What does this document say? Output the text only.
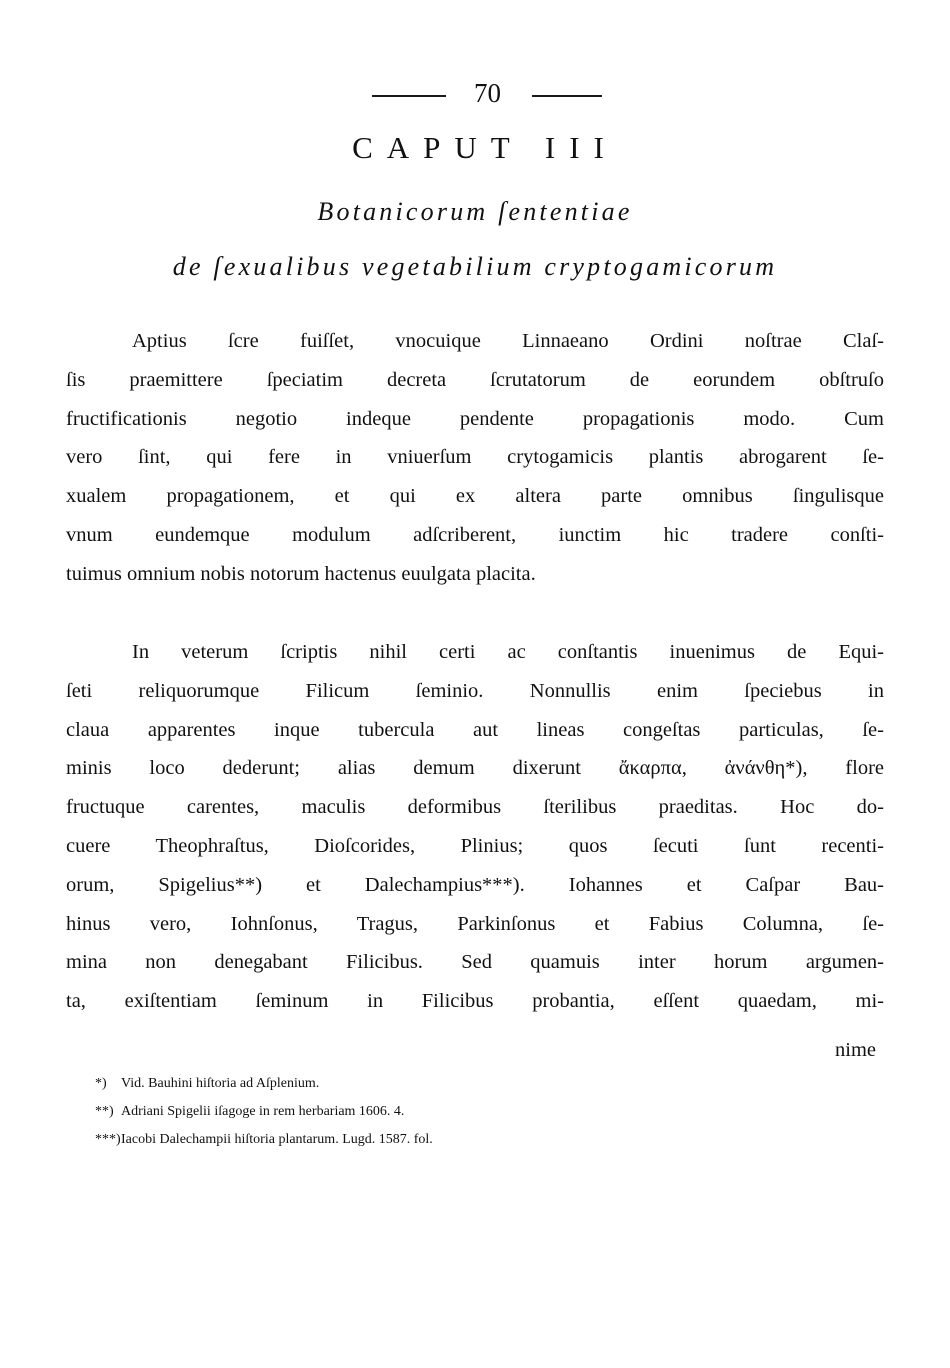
70
CAPUT III
Botanicorum ſententiae
de ſexualibus vegetabilium cryptogamicorum
Aptius ſcre fuiſſet, vnocuique Linnaeano Ordini noſtrae Claſ-
ſis praemittere ſpeciatim decreta ſcrutatorum de eorundem obſtruſo
fructificationis negotio indeque pendente propagationis modo. Cum
vero ſint, qui fere in vniuerſum crytogamicis plantis abrogarent ſe-
xualem propagationem, et qui ex altera parte omnibus ſingulisque
vnum eundemque modulum adſcriberent, iunctim hic tradere conſti-
tuimus omnium nobis notorum hactenus euulgata placita.
In veterum ſcriptis nihil certi ac conſtantis inuenimus de Equi-
ſeti reliquorumque Filicum ſeminio. Nonnullis enim ſpeciebus in
claua apparentes inque tubercula aut lineas congeſtas particulas, ſe-
minis loco dederunt; alias demum dixerunt ἄκαρπα, ἀνάνθη*), flore
fructuque carentes, maculis deformibus ſterilibus praeditas. Hoc do-
cuere Theophraſtus, Dioſcorides, Plinius; quos ſecuti ſunt recenti-
orum, Spigelius**) et Dalechampius***). Iohannes et Caſpar Bau-
hinus vero, Iohnſonus, Tragus, Parkinſonus et Fabius Columna, ſe-
mina non denegabant Filicibus. Sed quamuis inter horum argumen-
ta, exiſtentiam ſeminum in Filicibus probantia, eſſent quaedam, mi-
nime
*) Vid. Bauhini hiſtoria ad Aſplenium.
**) Adriani Spigelii iſagoge in rem herbariam 1606. 4.
***)Iacobi Dalechampii hiſtoria plantarum. Lugd. 1587. fol.
